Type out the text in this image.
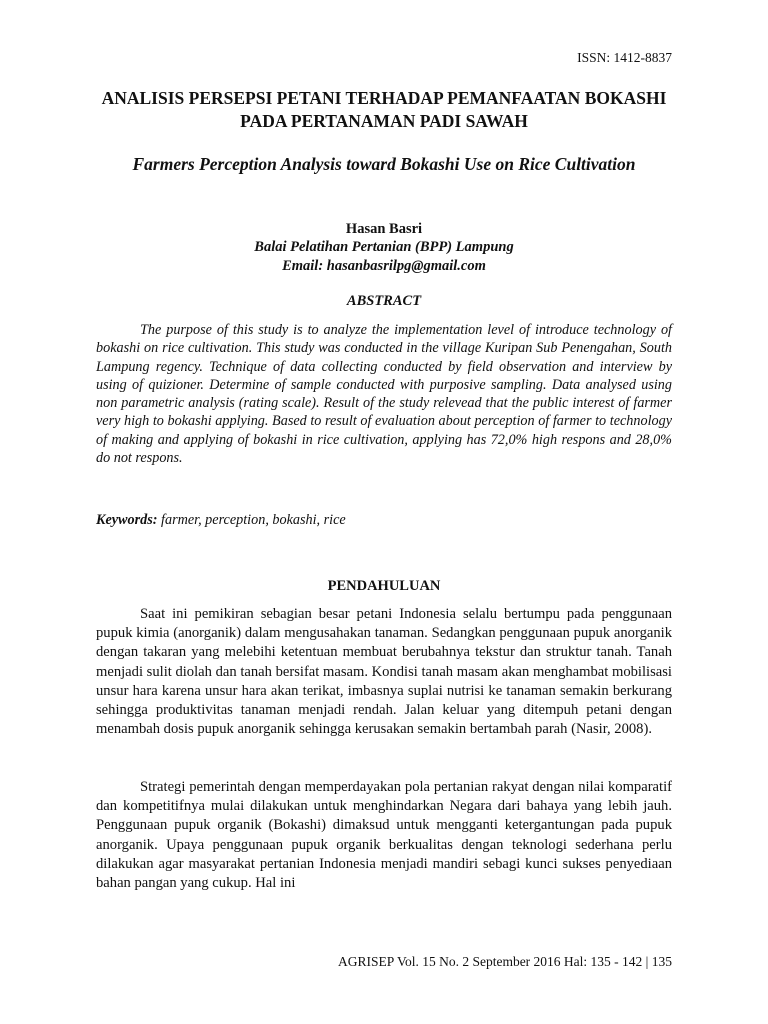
ISSN: 1412-8837
ANALISIS PERSEPSI PETANI TERHADAP PEMANFAATAN BOKASHI PADA PERTANAMAN PADI SAWAH
Farmers Perception Analysis toward Bokashi Use on Rice Cultivation
Hasan Basri
Balai Pelatihan Pertanian (BPP) Lampung
Email: hasanbasrilpg@gmail.com
ABSTRACT

The purpose of this study is to analyze the implementation level of introduce technology of bokashi on rice cultivation. This study was conducted in the village Kuripan Sub Penengahan, South Lampung regency. Technique of data collecting conducted by field observation and interview by using of quizioner. Determine of sample conducted with purposive sampling. Data analysed using non parametric analysis (rating scale). Result of the study relevead that the public interest of farmer very high to bokashi applying. Based to result of evaluation about perception of farmer to technology of making and applying of bokashi in rice cultivation, applying has 72,0% high respons and 28,0% do not respons.

Keywords: farmer, perception, bokashi, rice
PENDAHULUAN

Saat ini pemikiran sebagian besar petani Indonesia selalu bertumpu pada penggunaan pupuk kimia (anorganik) dalam mengusahakan tanaman. Sedangkan penggunaan pupuk anorganik dengan takaran yang melebihi ketentuan membuat berubahnya tekstur dan struktur tanah. Tanah menjadi sulit diolah dan tanah bersifat masam. Kondisi tanah masam akan menghambat mobilisasi unsur hara karena unsur hara akan terikat, imbasnya suplai nutrisi ke tanaman semakin berkurang sehingga produktivitas tanaman menjadi rendah. Jalan keluar yang ditempuh petani dengan menambah dosis pupuk anorganik sehingga kerusakan semakin bertambah parah (Nasir, 2008).

Strategi pemerintah dengan memperdayakan pola pertanian rakyat dengan nilai komparatif dan kompetitifnya mulai dilakukan untuk menghindarkan Negara dari bahaya yang lebih jauh. Penggunaan pupuk organik (Bokashi) dimaksud untuk mengganti ketergantungan pada pupuk anorganik. Upaya penggunaan pupuk organik berkualitas dengan teknologi sederhana perlu dilakukan agar masyarakat pertanian Indonesia menjadi mandiri sebagi kunci sukses penyediaan bahan pangan yang cukup. Hal ini

AGRISEP Vol. 15 No. 2 September 2016 Hal: 135 - 142 | 135
